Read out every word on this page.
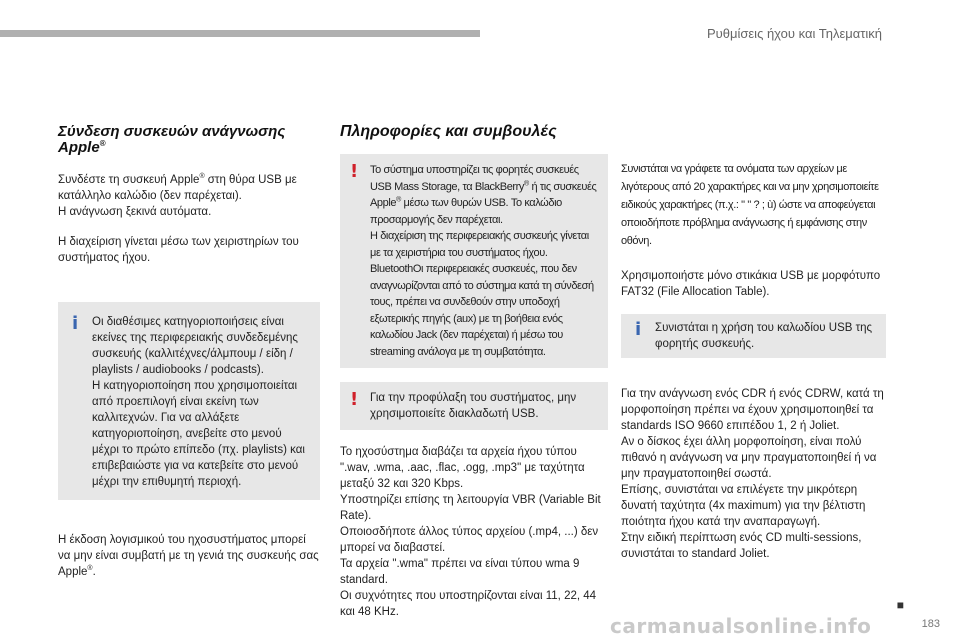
Ρυθμίσεις ήχου και Τηλεματική
Σύνδεση συσκευών ανάγνωσης Apple®

Συνδέστε τη συσκευή Apple® στη θύρα USB με κατάλληλο καλώδιο (δεν παρέχεται).
Η ανάγνωση ξεκινά αυτόματα.

Η διαχείριση γίνεται μέσω των χειριστηρίων του συστήματος ήχου.

i Οι διαθέσιμες κατηγοριοποιήσεις είναι εκείνες της περιφερειακής συνδεδεμένης συσκευής (καλλιτέχνες/άλμπουμ / είδη / playlists / audiobooks / podcasts).
Η κατηγοριοποίηση που χρησιμοποιείται από προεπιλογή είναι εκείνη των καλλιτεχνών. Για να αλλάξετε κατηγοριοποίηση, ανεβείτε στο μενού μέχρι το πρώτο επίπεδο (πχ. playlists) και επιβεβαιώστε για να κατεβείτε στο μενού μέχρι την επιθυμητή περιοχή.

Η έκδοση λογισμικού του ηχοσυστήματος μπορεί να μην είναι συμβατή με τη γενιά της συσκευής σας Apple®.

Πληροφορίες και συμβουλές
! Το σύστημα υποστηρίζει τις φορητές συσκευές USB Mass Storage, τα BlackBerry® ή τις συσκευές Apple® μέσω των θυρών USB. Το καλώδιο προσαρμογής δεν παρέχεται.
Η διαχείριση της περιφερειακής συσκευής γίνεται με τα χειριστήρια του συστήματος ήχου. BluetoothΟι περιφερειακές συσκευές, που δεν αναγνωρίζονται από το σύστημα κατά τη σύνδεσή τους, πρέπει να συνδεθούν στην υποδοχή εξωτερικής πηγής (aux) με τη βοήθεια ενός καλωδίου Jack (δεν παρέχεται) ή μέσω του streaming ανάλογα με τη συμβατότητα.
! Για την προφύλαξη του συστήματος, μην χρησιμοποιείτε διακλαδωτή USB.
Το ηχοσύστημα διαβάζει τα αρχεία ήχου τύπου ".wav, .wma, .aac, .flac, .ogg, .mp3" με ταχύτητα μεταξύ 32 και 320 Kbps.
Υποστηρίζει επίσης τη λειτουργία VBR (Variable Bit Rate).
Οποιοσδήποτε άλλος τύπος αρχείου (.mp4, ...) δεν μπορεί να διαβαστεί.
Τα αρχεία ".wma" πρέπει να είναι τύπου wma 9 standard.
Οι συχνότητες που υποστηρίζονται είναι 11, 22, 44 και 48 KHz.

Συνιστάται να γράφετε τα ονόματα των αρχείων με λιγότερους από 20 χαρακτήρες και να μην χρησιμοποιείτε ειδικούς χαρακτήρες (π.χ.: " " ? ; ù) ώστε να αποφεύγεται οποιοδήποτε πρόβλημα ανάγνωσης ή εμφάνισης στην οθόνη.

Χρησιμοποιήστε μόνο στικάκια USB με μορφότυπο FAT32 (File Allocation Table).

i Συνιστάται η χρήση του καλωδίου USB της φορητής συσκευής.
Για την ανάγνωση ενός CDR ή ενός CDRW, κατά τη μορφοποίηση πρέπει να έχουν χρησιμοποιηθεί τα standards ISO 9660 επιπέδου 1, 2 ή Joliet.
Αν ο δίσκος έχει άλλη μορφοποίηση, είναι πολύ πιθανό η ανάγνωση να μην πραγματοποιηθεί ή να μην πραγματοποιηθεί σωστά.
Επίσης, συνιστάται να επιλέγετε την μικρότερη δυνατή ταχύτητα (4x maximum) για την βέλτιστη ποιότητα ήχου κατά την αναπαραγωγή.
Στην ειδική περίπτωση ενός CD multi-sessions, συνιστάται το standard Joliet.
■
183
carmanualsonline.info
